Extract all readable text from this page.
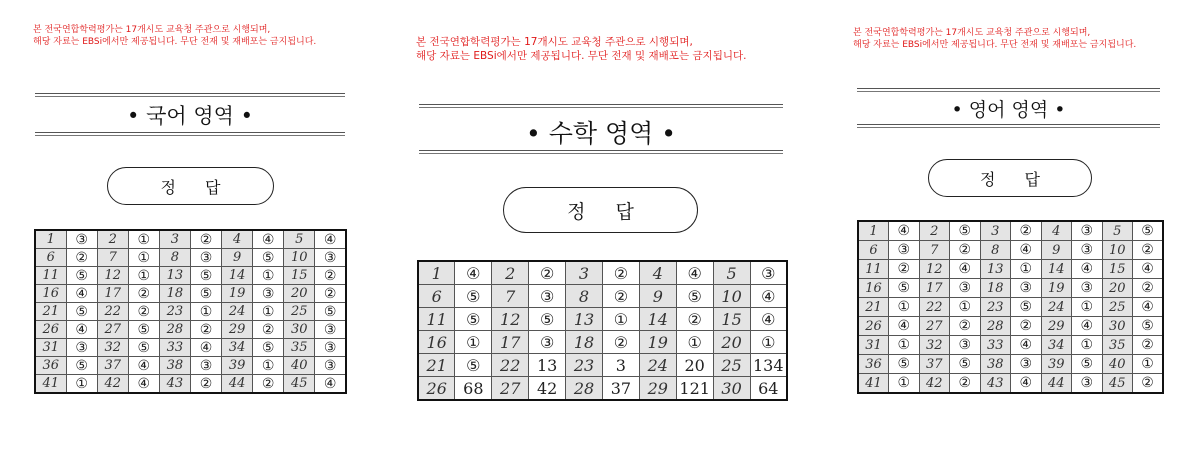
본 전국연합학력평가는 17개시도 교육청 주관으로 시행되며,
해당 자료는 EBSi에서만 제공됩니다. 무단 전재 및 재배포는 금지됩니다.
• 국어 영역 •
정 답
1	③	2	①	3	②	4	④	5	④
6	②	7	①	8	③	9	⑤	10	③
11	⑤	12	①	13	⑤	14	①	15	②
16	④	17	②	18	⑤	19	③	20	②
21	⑤	22	②	23	①	24	①	25	⑤
26	④	27	⑤	28	②	29	②	30	③
31	③	32	⑤	33	④	34	⑤	35	③
36	⑤	37	④	38	③	39	①	40	③
41	①	42	④	43	②	44	②	45	④
본 전국연합학력평가는 17개시도 교육청 주관으로 시행되며,
해당 자료는 EBSi에서만 제공됩니다. 무단 전재 및 재배포는 금지됩니다.
• 수학 영역 •
정 답
1	④	2	②	3	②	4	④	5	③
6	⑤	7	③	8	②	9	⑤	10	④
11	⑤	12	⑤	13	①	14	②	15	④
16	①	17	③	18	②	19	①	20	①
21	⑤	22	13	23	3	24	20	25	134
26	68	27	42	28	37	29	121	30	64
본 전국연합학력평가는 17개시도 교육청 주관으로 시행되며,
해당 자료는 EBSi에서만 제공됩니다. 무단 전재 및 재배포는 금지됩니다.
• 영어 영역 •
정 답
1	④	2	⑤	3	②	4	③	5	⑤
6	③	7	②	8	④	9	③	10	②
11	②	12	④	13	①	14	④	15	④
16	⑤	17	③	18	③	19	③	20	②
21	①	22	①	23	⑤	24	①	25	④
26	④	27	②	28	②	29	④	30	⑤
31	①	32	③	33	④	34	①	35	②
36	⑤	37	⑤	38	③	39	⑤	40	①
41	①	42	②	43	④	44	③	45	②
